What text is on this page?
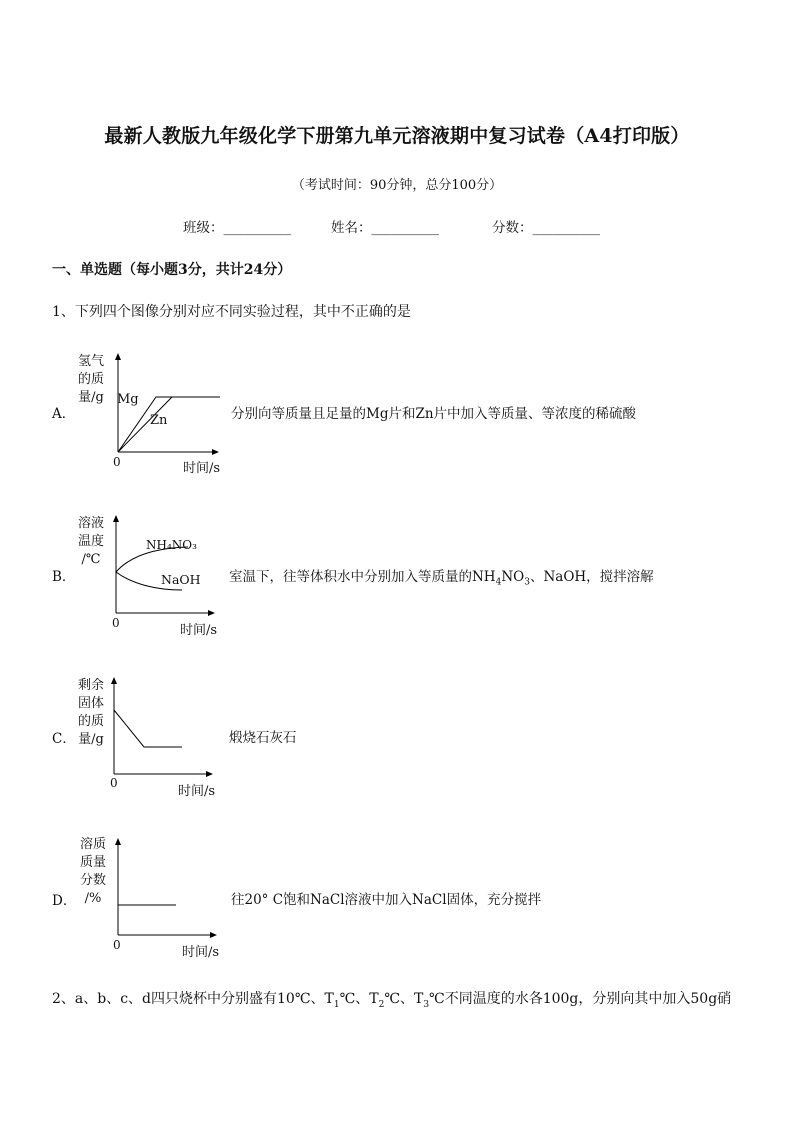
最新人教版九年级化学下册第九单元溶液期中复习试卷（A4打印版）
（考试时间：90分钟，总分100分）
班级：__________	姓名：__________	分数：__________
一、单选题（每小题3分，共计24分）
1、下列四个图像分别对应不同实验过程，其中不正确的是
A．
氢气
的质
量/g Mg
Zn
0	时间/s
分别向等质量且足量的Mg片和Zn片中加入等质量、等浓度的稀硫酸
B．
溶液
温度
/℃
NH₄NO₃
NaOH
0	时间/s
室温下，往等体积水中分别加入等质量的$NH_4NO_3$、NaOH，搅拌溶解
C．
剩余
固体
的质
量/g
0
时间/s
煅烧石灰石
D．
溶质
质量
分数
/%
0	时间/s
往20° C饱和NaCl溶液中加入NaCl固体，充分搅拌
2、a、b、c、d四只烧杯中分别盛有10℃、$T_1℃$、$T_2℃$、$T_3℃$不同温度的水各100g，分别向其中加入50g硝
